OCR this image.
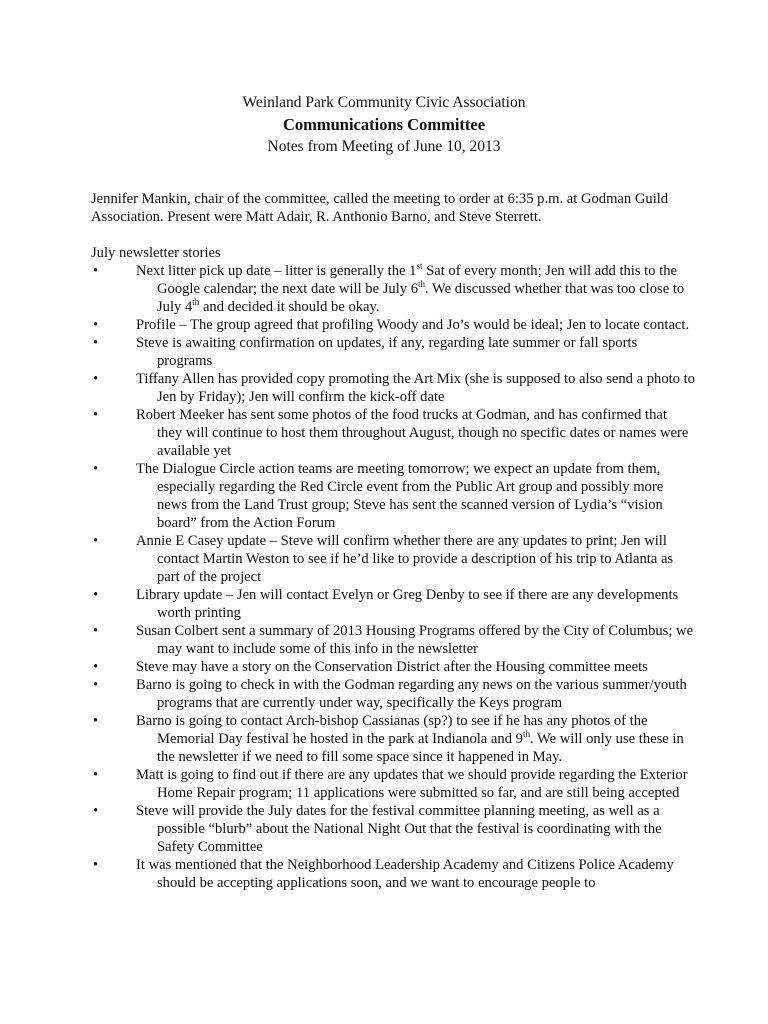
Weinland Park Community Civic Association
Communications Committee
Notes from Meeting of June 10, 2013
Jennifer Mankin, chair of the committee, called the meeting to order at 6:35 p.m. at Godman Guild Association. Present were Matt Adair, R. Anthonio Barno, and Steve Sterrett.
July newsletter stories
•	Next litter pick up date – litter is generally the 1st Sat of every month; Jen will add this to the Google calendar; the next date will be July 6th. We discussed whether that was too close to July 4th and decided it should be okay.
•	Profile – The group agreed that profiling Woody and Jo’s would be ideal; Jen to locate contact.
•	Steve is awaiting confirmation on updates, if any, regarding late summer or fall sports programs
•	Tiffany Allen has provided copy promoting the Art Mix (she is supposed to also send a photo to Jen by Friday); Jen will confirm the kick-off date
•	Robert Meeker has sent some photos of the food trucks at Godman, and has confirmed that they will continue to host them throughout August, though no specific dates or names were available yet
•	The Dialogue Circle action teams are meeting tomorrow; we expect an update from them, especially regarding the Red Circle event from the Public Art group and possibly more news from the Land Trust group; Steve has sent the scanned version of Lydia’s “vision board” from the Action Forum
•	Annie E Casey update – Steve will confirm whether there are any updates to print; Jen will contact Martin Weston to see if he’d like to provide a description of his trip to Atlanta as part of the project
•	Library update – Jen will contact Evelyn or Greg Denby to see if there are any developments worth printing
•	Susan Colbert sent a summary of 2013 Housing Programs offered by the City of Columbus; we may want to include some of this info in the newsletter
•	Steve may have a story on the Conservation District after the Housing committee meets
•	Barno is going to check in with the Godman regarding any news on the various summer/youth programs that are currently under way, specifically the Keys program
•	Barno is going to contact Arch-bishop Cassianas (sp?) to see if he has any photos of the Memorial Day festival he hosted in the park at Indianola and 9th. We will only use these in the newsletter if we need to fill some space since it happened in May.
•	Matt is going to find out if there are any updates that we should provide regarding the Exterior Home Repair program; 11 applications were submitted so far, and are still being accepted
•	Steve will provide the July dates for the festival committee planning meeting, as well as a possible “blurb” about the National Night Out that the festival is coordinating with the Safety Committee
•	It was mentioned that the Neighborhood Leadership Academy and Citizens Police Academy should be accepting applications soon, and we want to encourage people to
